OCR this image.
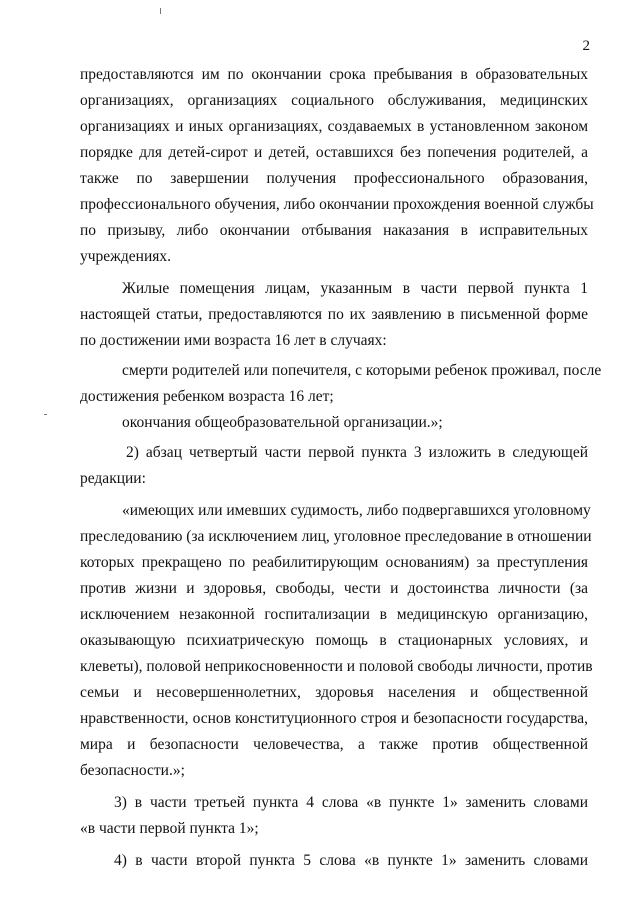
2
предоставляются им по окончании срока пребывания в образовательных
организациях, организациях социального обслуживания, медицинских
организациях и иных организациях, создаваемых в установленном законом
порядке для детей-сирот и детей, оставшихся без попечения родителей, а
также по завершении получения профессионального образования,
профессионального обучения, либо окончании прохождения военной службы
по призыву, либо окончании отбывания наказания в исправительных
учреждениях.
Жилые помещения лицам, указанным в части первой пункта 1
настоящей статьи, предоставляются по их заявлению в письменной форме
по достижении ими возраста 16 лет в случаях:
смерти родителей или попечителя, с которыми ребенок проживал, после
достижения ребенком возраста 16 лет;
окончания общеобразовательной организации.»;
2) абзац четвертый части первой пункта 3 изложить в следующей
редакции:
«имеющих или имевших судимость, либо подвергавшихся уголовному
преследованию (за исключением лиц, уголовное преследование в отношении
которых прекращено по реабилитирующим основаниям) за преступления
против жизни и здоровья, свободы, чести и достоинства личности (за
исключением незаконной госпитализации в медицинскую организацию,
оказывающую психиатрическую помощь в стационарных условиях, и
клеветы), половой неприкосновенности и половой свободы личности, против
семьи и несовершеннолетних, здоровья населения и общественной
нравственности, основ конституционного строя и безопасности государства,
мира и безопасности человечества, а также против общественной
безопасности.»;
3) в части третьей пункта 4 слова «в пункте 1» заменить словами
«в части первой пункта 1»;
4) в части второй пункта 5 слова «в пункте 1» заменить словами
